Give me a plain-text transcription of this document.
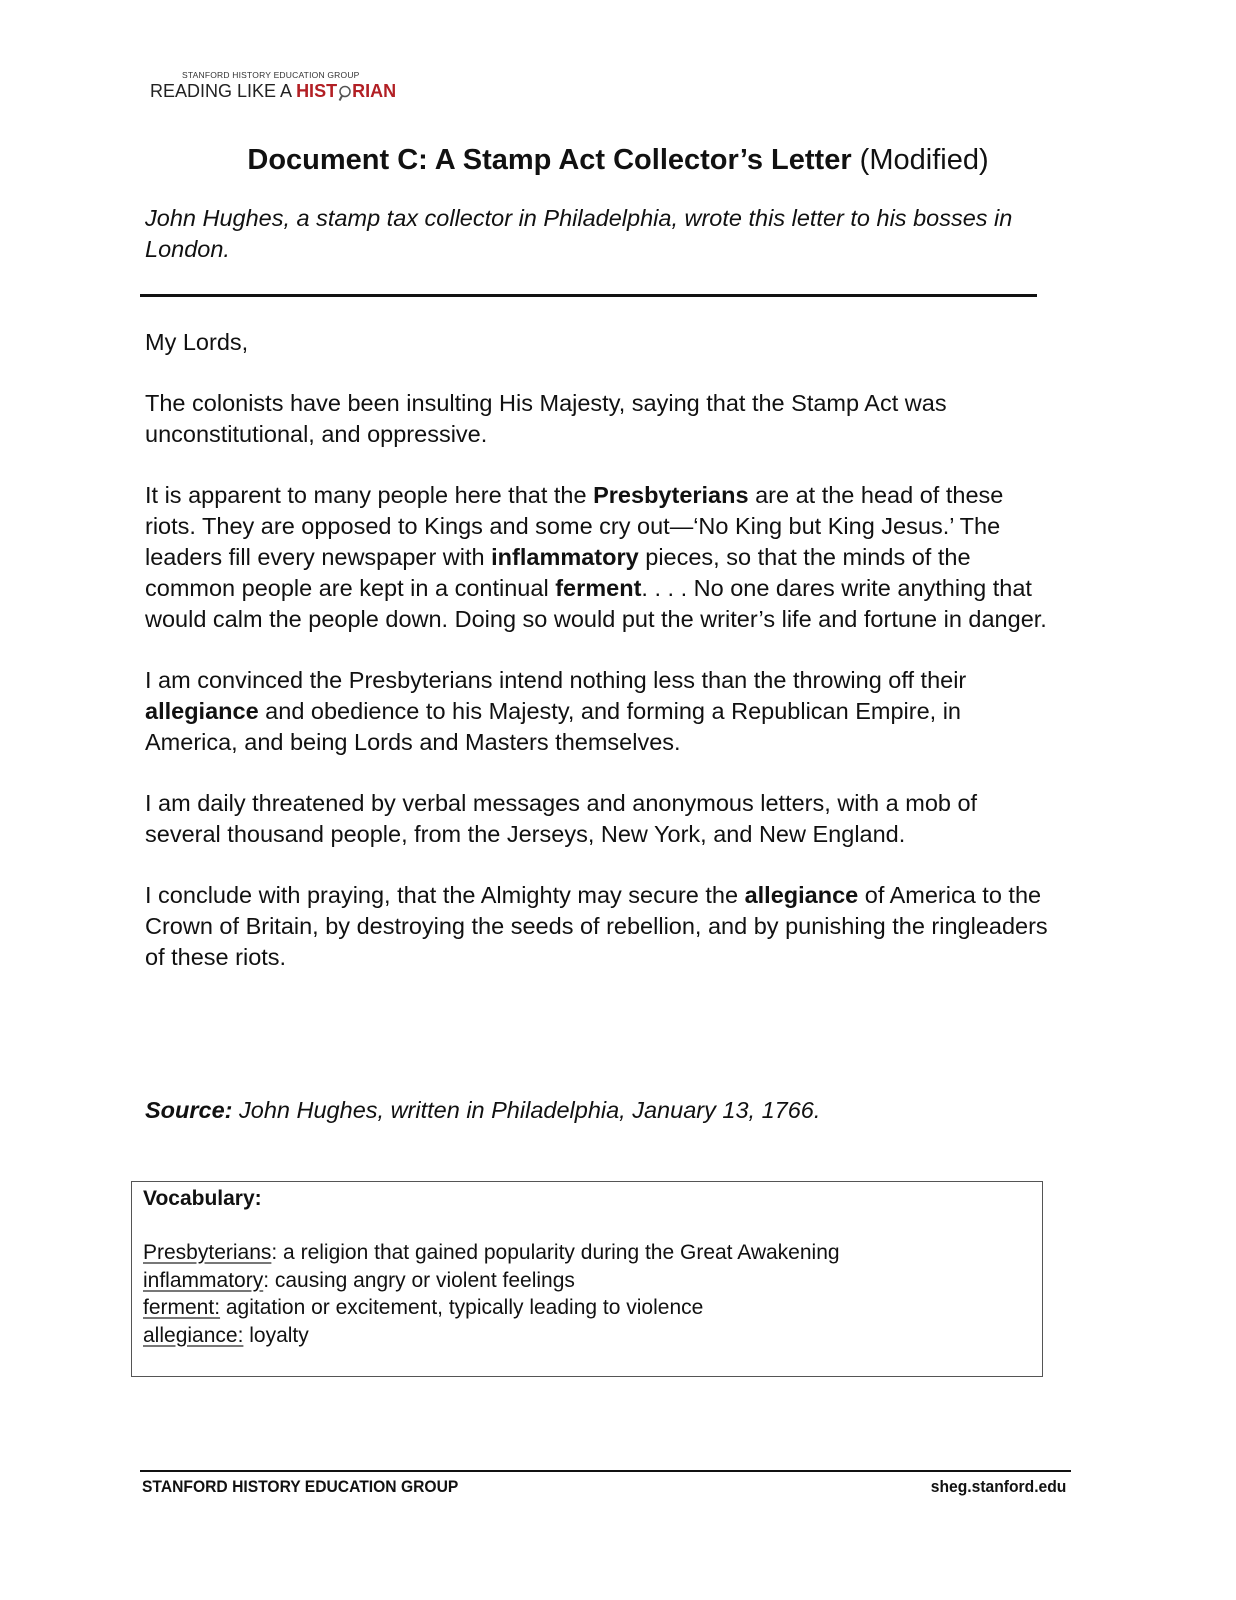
STANFORD HISTORY EDUCATION GROUP
READING LIKE A HIST RIAN
Document C: A Stamp Act Collector’s Letter (Modified)
John Hughes, a stamp tax collector in Philadelphia, wrote this letter to his bosses in London.

My Lords,

The colonists have been insulting His Majesty, saying that the Stamp Act was unconstitutional, and oppressive.

It is apparent to many people here that the Presbyterians are at the head of these riots. They are opposed to Kings and some cry out—‘No King but King Jesus.’ The leaders fill every newspaper with inflammatory pieces, so that the minds of the common people are kept in a continual ferment. . . . No one dares write anything that would calm the people down. Doing so would put the writer’s life and fortune in danger.

I am convinced the Presbyterians intend nothing less than the throwing off their allegiance and obedience to his Majesty, and forming a Republican Empire, in America, and being Lords and Masters themselves.

I am daily threatened by verbal messages and anonymous letters, with a mob of several thousand people, from the Jerseys, New York, and New England.

I conclude with praying, that the Almighty may secure the allegiance of America to the Crown of Britain, by destroying the seeds of rebellion, and by punishing the ringleaders of these riots.

Source: John Hughes, written in Philadelphia, January 13, 1766.
Vocabulary:
Presbyterians: a religion that gained popularity during the Great Awakening
inflammatory: causing angry or violent feelings
ferment: agitation or excitement, typically leading to violence
allegiance: loyalty
STANFORD HISTORY EDUCATION GROUP	sheg.stanford.edu
